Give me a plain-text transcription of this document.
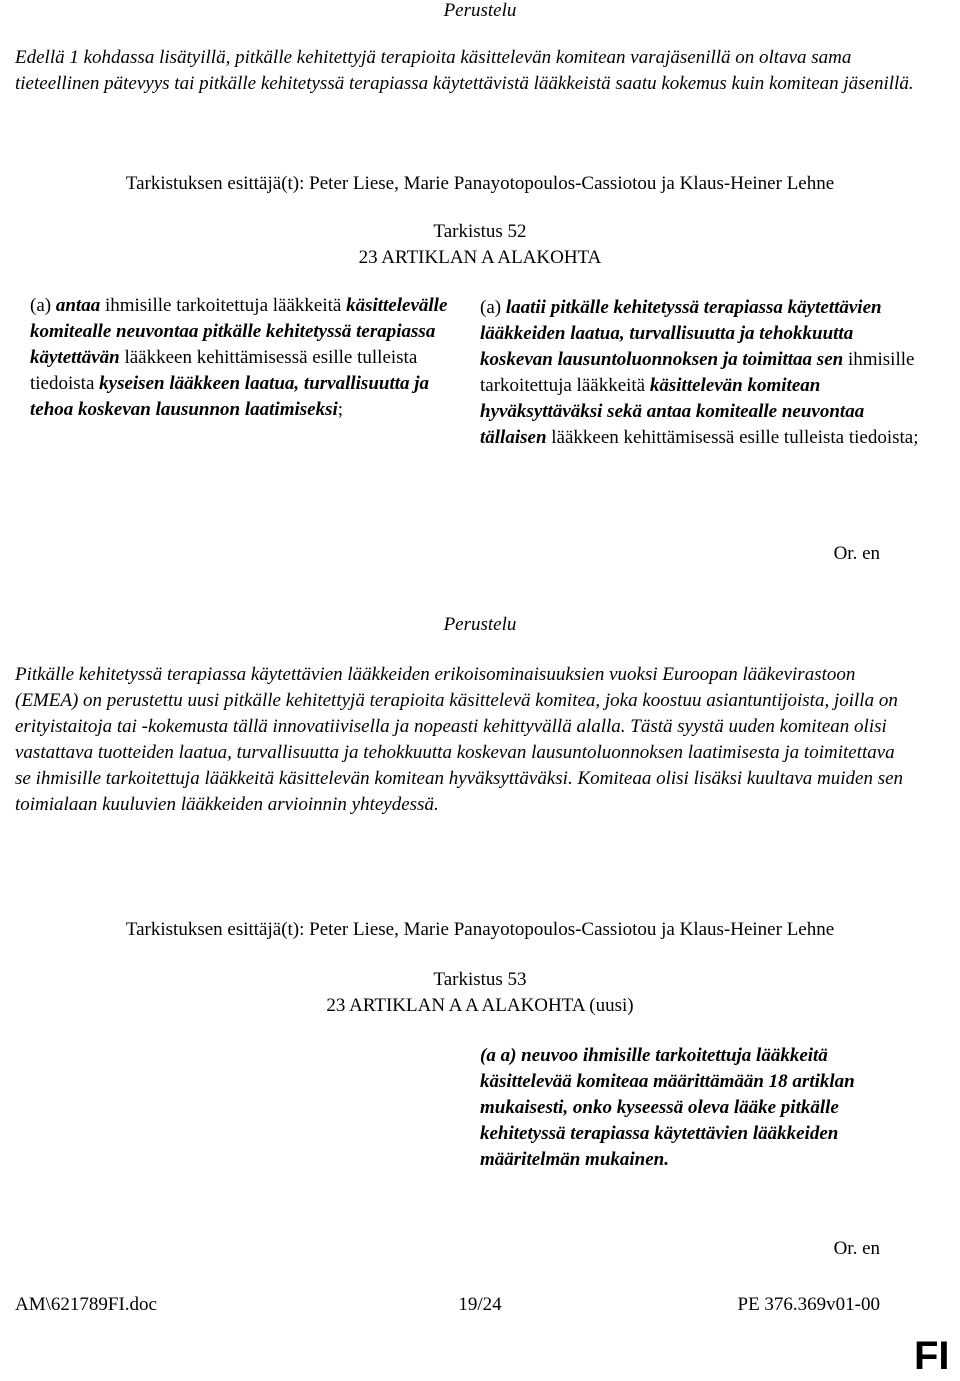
Perustelu

Edellä 1 kohdassa lisätyillä, pitkälle kehitettyjä terapioita käsittelevän komitean varajäsenillä on oltava sama tieteellinen pätevyys tai pitkälle kehitetyssä terapiassa käytettävistä lääkkeistä saatu kokemus kuin komitean jäsenillä.

Tarkistuksen esittäjä(t): Peter Liese, Marie Panayotopoulos-Cassiotou ja Klaus-Heiner Lehne
Tarkistus 52
23 ARTIKLAN A ALAKOHTA

(a) antaa ihmisille tarkoitettuja lääkkeitä käsittelevälle komitealle neuvontaa pitkälle kehitetyssä terapiassa käytettävän lääkkeen kehittämisessä esille tulleista tiedoista kyseisen lääkkeen laatua, turvallisuutta ja tehoa koskevan lausunnon laatimiseksi;

(a) laatii pitkälle kehitetyssä terapiassa käytettävien lääkkeiden laatua, turvallisuutta ja tehokkuutta koskevan lausuntoluonnoksen ja toimittaa sen ihmisille tarkoitettuja lääkkeitä käsittelevän komitean hyväksyttäväksi sekä antaa komitealle neuvontaa tällaisen lääkkeen kehittämisessä esille tulleista tiedoista;

Or. en
Perustelu

Pitkälle kehitetyssä terapiassa käytettävien lääkkeiden erikoisominaisuuksien vuoksi Euroopan lääkevirastoon (EMEA) on perustettu uusi pitkälle kehitettyjä terapioita käsittelevä komitea, joka koostuu asiantuntijoista, joilla on erityistaitoja tai -kokemusta tällä innovatiivisella ja nopeasti kehittyvällä alalla. Tästä syystä uuden komitean olisi vastattava tuotteiden laatua, turvallisuutta ja tehokkuutta koskevan lausuntoluonnoksen laatimisesta ja toimitettava se ihmisille tarkoitettuja lääkkeitä käsittelevän komitean hyväksyttäväksi. Komiteaa olisi lisäksi kuultava muiden sen toimialaan kuuluvien lääkkeiden arvioinnin yhteydessä.

Tarkistuksen esittäjä(t): Peter Liese, Marie Panayotopoulos-Cassiotou ja Klaus-Heiner Lehne
Tarkistus 53
23 ARTIKLAN A A ALAKOHTA (uusi)

(a a) neuvoo ihmisille tarkoitettuja lääkkeitä käsittelevää komiteaa määrittämään 18 artiklan mukaisesti, onko kyseessä oleva lääke pitkälle kehitetyssä terapiassa käytettävien lääkkeiden määritelmän mukainen.

Or. en
AM\621789FI.doc	19/24	PE 376.369v01-00
FI
